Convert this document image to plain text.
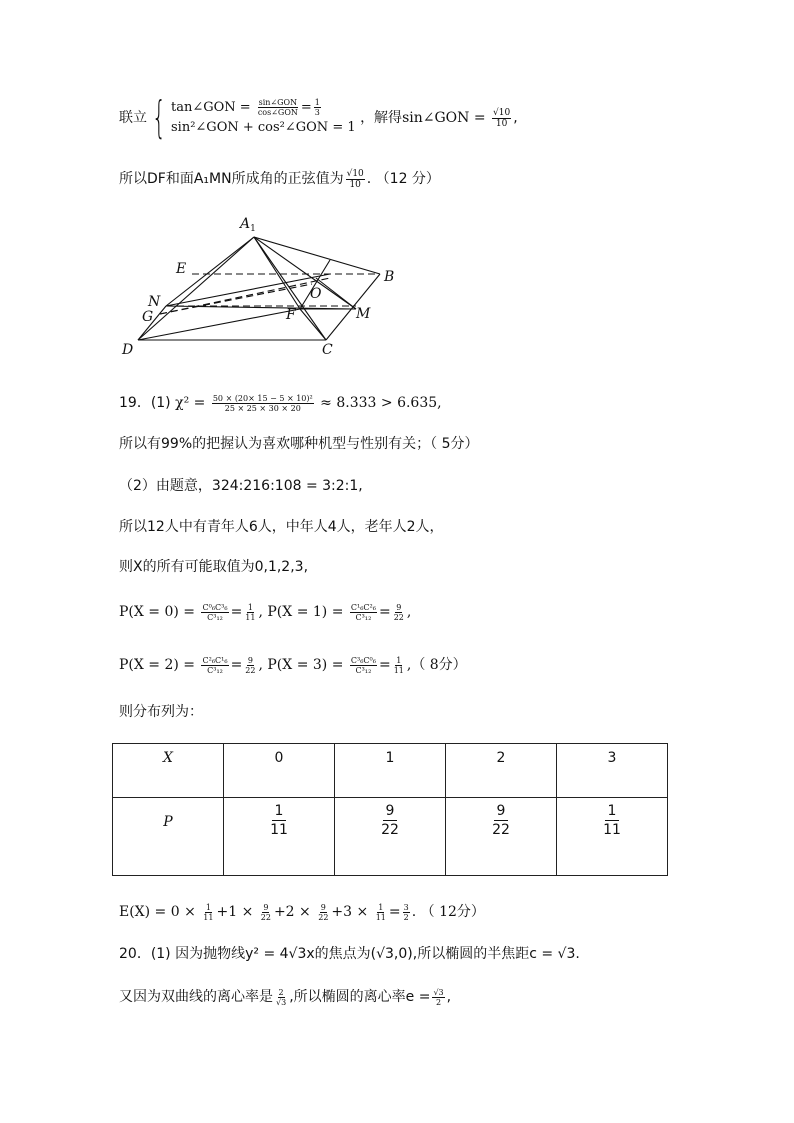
联立 { tan∠GON = $\frac{\text{sin∠GON}}{\text{cos∠GON}} = \frac{1}{3}$
sin²∠GON + cos²∠GON = 1
，解得sin∠GON = $\frac{√10}{10}$ ,
所以DF和面A₁MN所成角的正弦值为 $\frac{√10}{10}$ . （12 分）
$A_1$
E	B
N	O
G	F	M
D	C
19．(1) $\chi^2 = \frac{\text{50 × (20× 15 − 5 × 10)²}}{25 \times 25 \times 30 \times 20} \approx 8.333 > 6.635$,
所以有99%的把握认为喜欢哪种机型与性别有关；（ 5分）
（2）由题意，324:216:108 = 3:2:1,
所以12人中有青年人6人，中年人4人，老年人2人，
则X的所有可能取值为0,1,2,3,
$P(X = 0) = \frac{\text{C⁰₆C³₆}}{\text{C³₁₂}} = \frac{1}{11}$ , $P(X = 1) = \frac{\text{C¹₆C²₆}}{\text{C³₁₂}} = \frac{9}{22}$ ,
$P(X = 2) = \frac{\text{C²₆C¹₆}}{\text{C³₁₂}} = \frac{9}{22}$ , $P(X = 3) = \frac{\text{C³₆C⁰₆}}{\text{C³₁₂}} = \frac{1}{11}$ ,（ 8分）
则分布列为：
X	0	1	2	3
P	$\frac{1}{11}$	$\frac{9}{22}$	$\frac{9}{22}$	$\frac{1}{11}$
$E(X) = 0 \times \frac{1}{11} +1 \times \frac{9}{22} +2 \times \frac{9}{22} +3 \times \frac{1}{11} = \frac{3}{2}$ . （ 12分）
20．(1) 因为抛物线y² = 4√3x的焦点为(√3,0),所以椭圆的半焦距c = √3.
又因为双曲线的离心率是 $\frac{2}{√3}$ ,所以椭圆的离心率$e = \frac{√3}{2}$ ,
